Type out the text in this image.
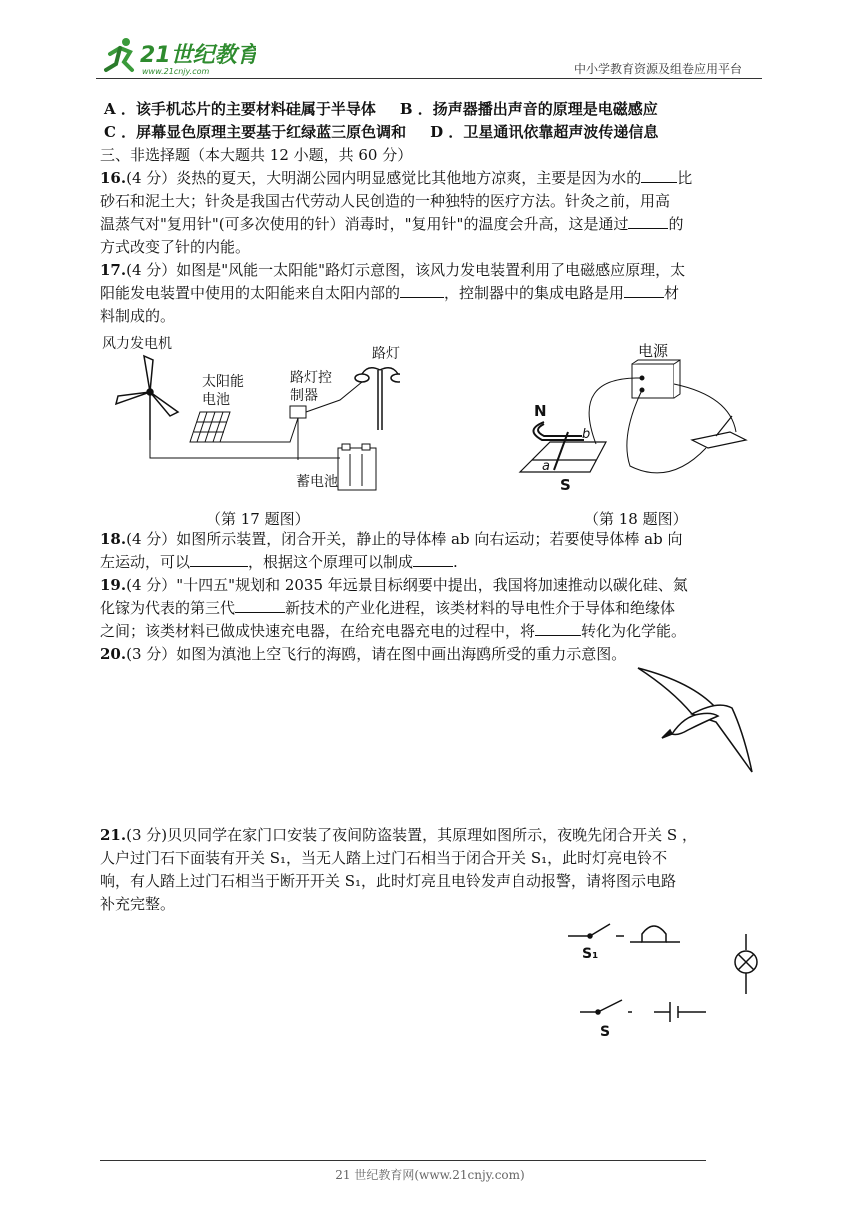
21世纪教育
www.21cnjy.com	中小学教育资源及组卷应用平台
A ．该手机芯片的主要材料硅属于半导体 B ．扬声器播出声音的原理是电磁感应
C ．屏幕显色原理主要基于红绿蓝三原色调和 D ．卫星通讯依靠超声波传递信息
三、非选择题（本大题共 12 小题，共 60 分）
16.(4 分）炎热的夏天，大明湖公园内明显感觉比其他地方凉爽，主要是因为水的 比
砂石和泥土大；针灸是我国古代劳动人民创造的一种独特的医疗方法。针灸之前，用高
温蒸气对"复用针"(可多次使用的针）消毒时，"复用针"的温度会升高，这是通过	的
方式改变了针的内能。
17.(4 分）如图是"风能一太阳能"路灯示意图，该风力发电装置利用了电磁感应原理，太
阳能发电装置中使用的太阳能来自太阳内部的	，控制器中的集成电路是用	材
料制成的。
风力发电机
太阳能
电池
路灯控
制器
路灯
蓄电池
（第 17 题图）
电源
N
S
a
b
（第 18 题图）
18.(4 分）如图所示装置，闭合开关，静止的导体棒 ab 向右运动；若要使导体棒 ab 向
左运动，可以	，根据这个原理可以制成	.
19.(4 分）"十四五"规划和 2035 年远景目标纲要中提出，我国将加速推动以碳化硅、氮
化镓为代表的第三代	新技术的产业化进程，该类材料的导电性介于导体和绝缘体
之间；该类材料已做成快速充电器，在给充电器充电的过程中，将	转化为化学能。
20.(3 分）如图为滇池上空飞行的海鸥，请在图中画出海鸥所受的重力示意图。
21.(3 分)贝贝同学在家门口安装了夜间防盗装置，其原理如图所示，夜晚先闭合开关 S ，
人户过门石下面装有开关 S₁，当无人踏上过门石相当于闭合开关 S₁，此时灯亮电铃不
响，有人踏上过门石相当于断开开关 S₁，此时灯亮且电铃发声自动报警，请将图示电路
补充完整。
S₁
S
21 世纪教育网(www.21cnjy.com)
